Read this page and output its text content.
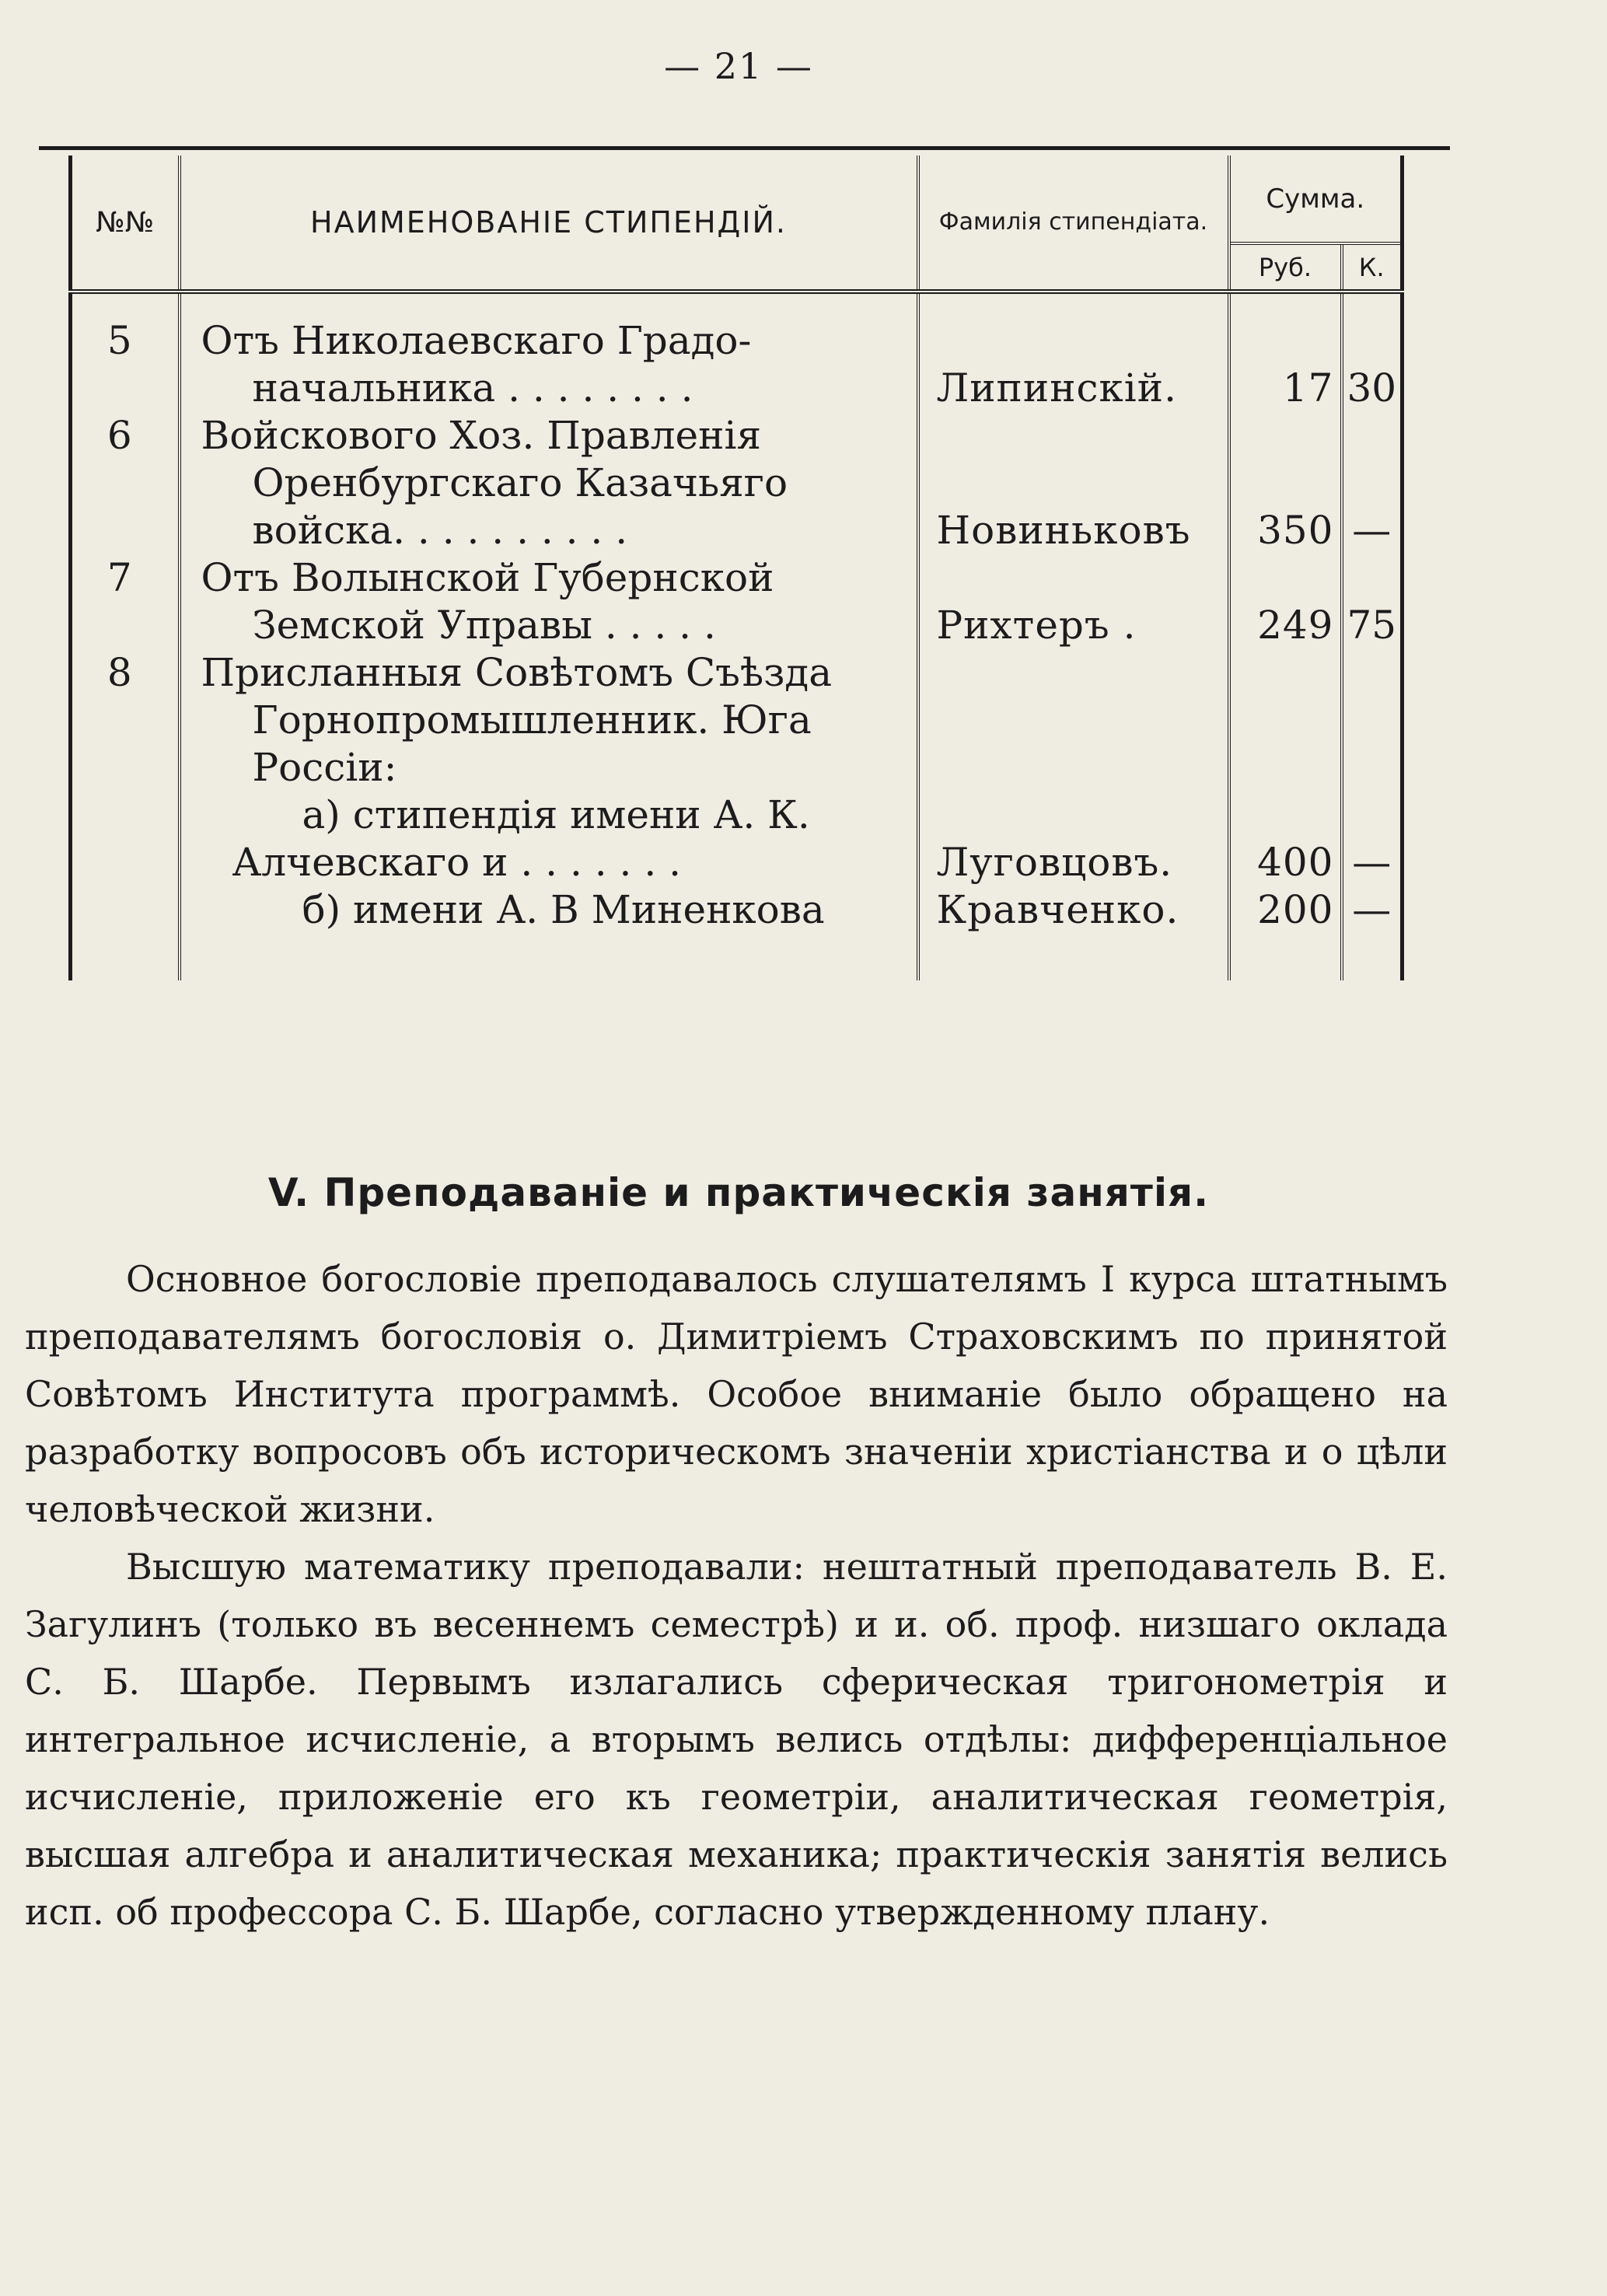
— 21 —
№№	НАИМЕНОВАНІЕ СТИПЕНДІЙ.	Фамилія стипендіата.	Сумма.	
			Руб.	К.
5	Отъ Николаевскаго Градо-
начальника . . . . . . . .	Липинскій.	17	30
6	Войскового Хоз. Правленія
Оренбургскаго Казачьяго
войска. . . . . . . . . .	Новиньковъ	350	—
7	Отъ Волынской Губернской
Земской Управы . . . . .	Рихтеръ .	249	75
8	Присланныя Совѣтомъ Съѣзда
Горнопромышленник. Юга
Россіи:			

	а) стипендія имени А. К.
Алчевскаго и . . . . . . .	Луговцовъ.	400	—

	б) имени А. В Миненкова	Кравченко.	200	—

V. Преподаваніе и практическія занятія.

Основное богословіе преподавалось слушателямъ I курса штатнымъ преподавателямъ богословія о. Димитріемъ Страховскимъ по принятой Совѣтомъ Института программѣ. Особое вниманіе было обращено на разработку вопросовъ объ историческомъ значеніи христіанства и о цѣли человѣческой жизни.

Высшую математику преподавали: нештатный преподаватель В. Е. Загулинъ (только въ весеннемъ семестрѣ) и и. об. проф. низшаго оклада С. Б. Шарбе. Первымъ излагались сферическая тригонометрія и интегральное исчисленіе, а вторымъ велись отдѣлы: дифференціальное исчисленіе, приложеніе его къ геометріи, аналитическая геометрія, высшая алгебра и аналитическая механика; практическія занятія велись исп. об профессора С. Б. Шарбе, согласно утвержденному плану.
